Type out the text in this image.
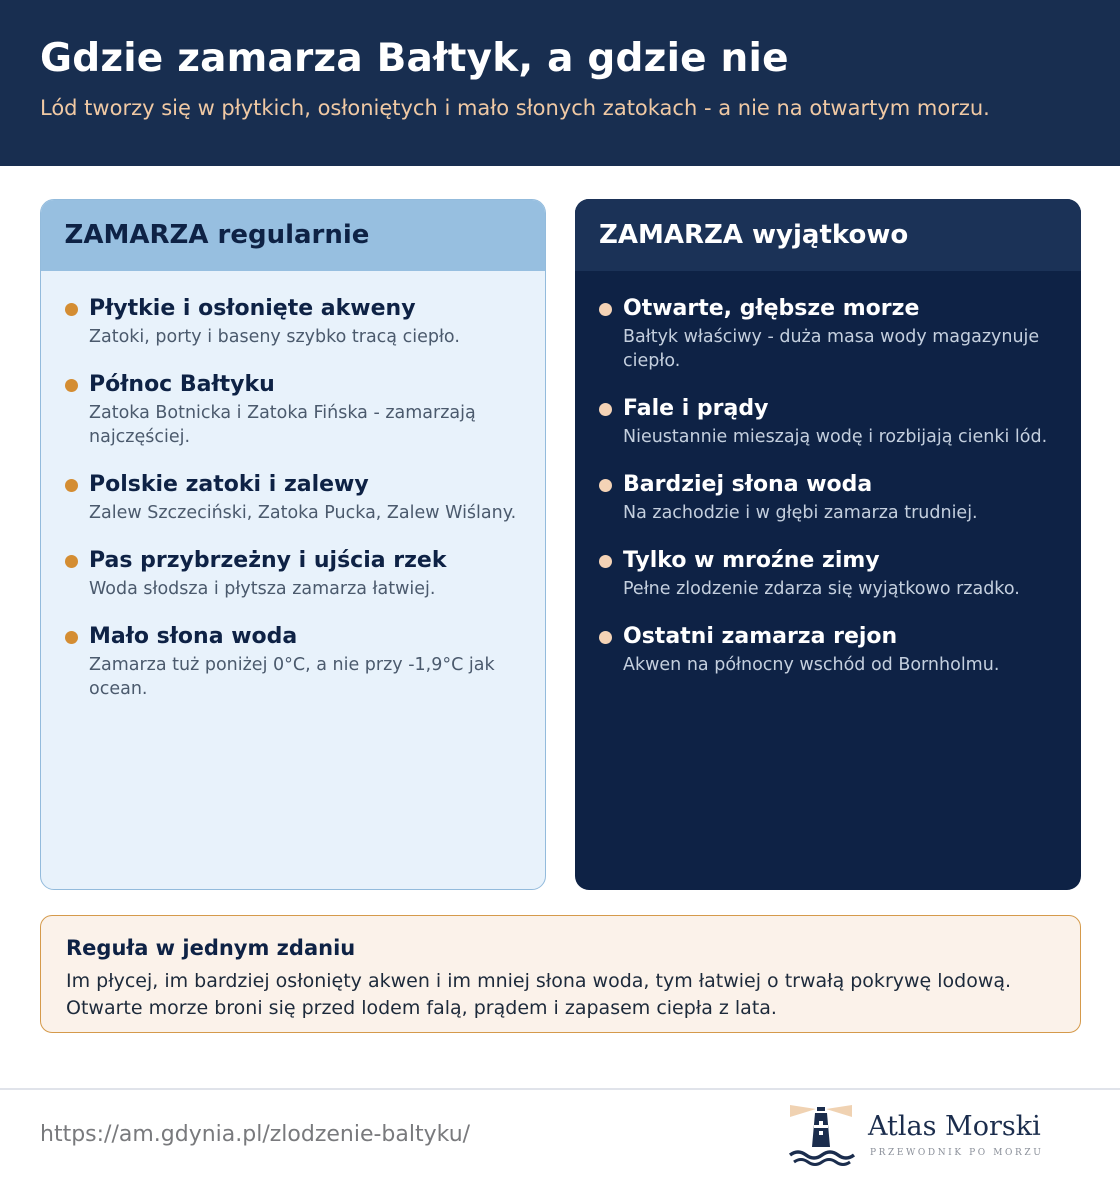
Gdzie zamarza Bałtyk, a gdzie nie

Lód tworzy się w płytkich, osłoniętych i mało słonych zatokach - a nie na otwartym morzu.

ZAMARZA regularnie
Płytkie i osłonięte akweny
Zatoki, porty i baseny szybko tracą ciepło.
Północ Bałtyku
Zatoka Botnicka i Zatoka Fińska - zamarzają najczęściej.
Polskie zatoki i zalewy
Zalew Szczeciński, Zatoka Pucka, Zalew Wiślany.
Pas przybrzeżny i ujścia rzek
Woda słodsza i płytsza zamarza łatwiej.
Mało słona woda
Zamarza tuż poniżej 0°C, a nie przy -1,9°C jak ocean.
ZAMARZA wyjątkowo
Otwarte, głębsze morze
Bałtyk właściwy - duża masa wody magazynuje ciepło.
Fale i prądy
Nieustannie mieszają wodę i rozbijają cienki lód.
Bardziej słona woda
Na zachodzie i w głębi zamarza trudniej.
Tylko w mroźne zimy
Pełne zlodzenie zdarza się wyjątkowo rzadko.
Ostatni zamarza rejon
Akwen na północny wschód od Bornholmu.
Reguła w jednym zdaniu

Im płycej, im bardziej osłonięty akwen i im mniej słona woda, tym łatwiej o trwałą pokrywę lodową. Otwarte morze broni się przed lodem falą, prądem i zapasem ciepła z lata.

https://am.gdynia.pl/zlodzenie-baltyku/	Atlas Morski
PRZEWODNIK PO MORZU
